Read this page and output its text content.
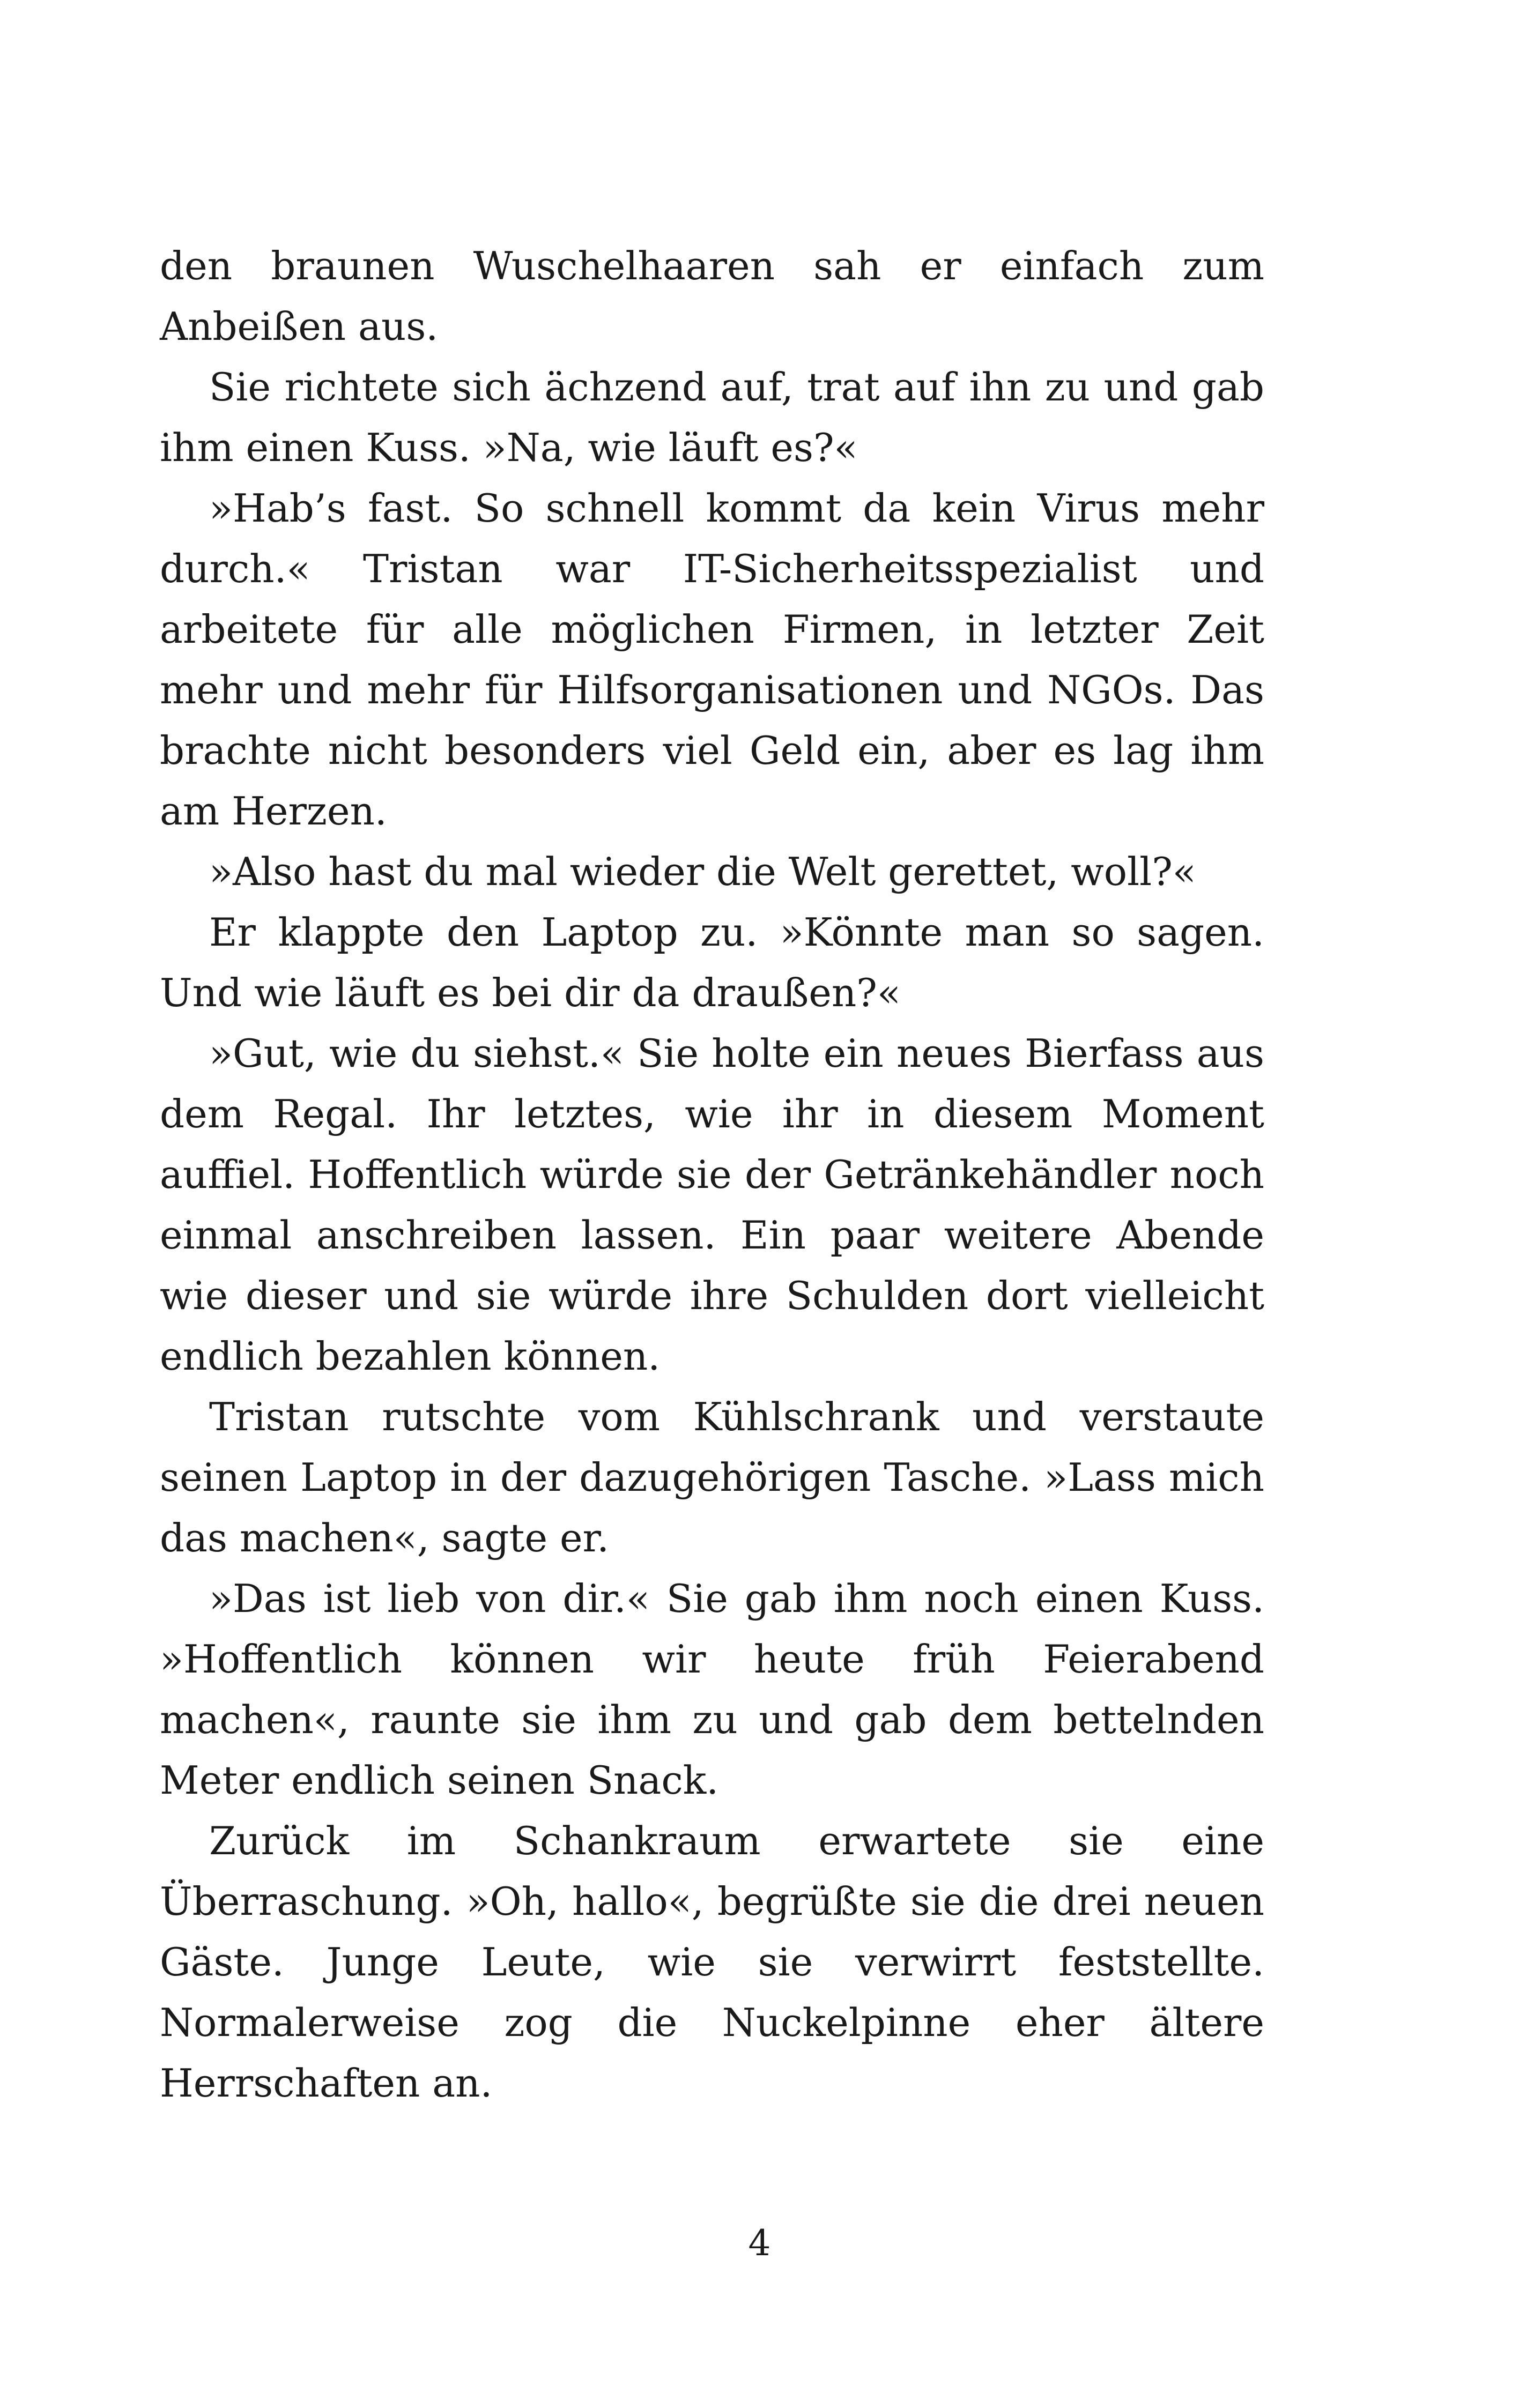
den braunen Wuschelhaaren sah er einfach zum Anbeißen aus.

Sie richtete sich ächzend auf, trat auf ihn zu und gab ihm einen Kuss. »Na, wie läuft es?«

»Hab’s fast. So schnell kommt da kein Virus mehr durch.« Tristan war IT-Sicherheitsspezialist und arbeitete für alle möglichen Firmen, in letzter Zeit mehr und mehr für Hilfsorganisationen und NGOs. Das brachte nicht besonders viel Geld ein, aber es lag ihm am Herzen.

»Also hast du mal wieder die Welt gerettet, woll?«

Er klappte den Laptop zu. »Könnte man so sagen. Und wie läuft es bei dir da draußen?«

»Gut, wie du siehst.« Sie holte ein neues Bierfass aus dem Regal. Ihr letztes, wie ihr in diesem Moment auffiel. Hoffentlich würde sie der Getränkehändler noch einmal anschreiben lassen. Ein paar weitere Abende wie dieser und sie würde ihre Schulden dort vielleicht endlich bezahlen können.

Tristan rutschte vom Kühlschrank und verstaute seinen Laptop in der dazugehörigen Tasche. »Lass mich das machen«, sagte er.

»Das ist lieb von dir.« Sie gab ihm noch einen Kuss. »Hoffentlich können wir heute früh Feierabend machen«, raunte sie ihm zu und gab dem bettelnden Meter endlich seinen Snack.

Zurück im Schankraum erwartete sie eine Überraschung. »Oh, hallo«, begrüßte sie die drei neuen Gäste. Junge Leute, wie sie verwirrt feststellte. Normalerweise zog die Nuckelpinne eher ältere Herrschaften an.

4
